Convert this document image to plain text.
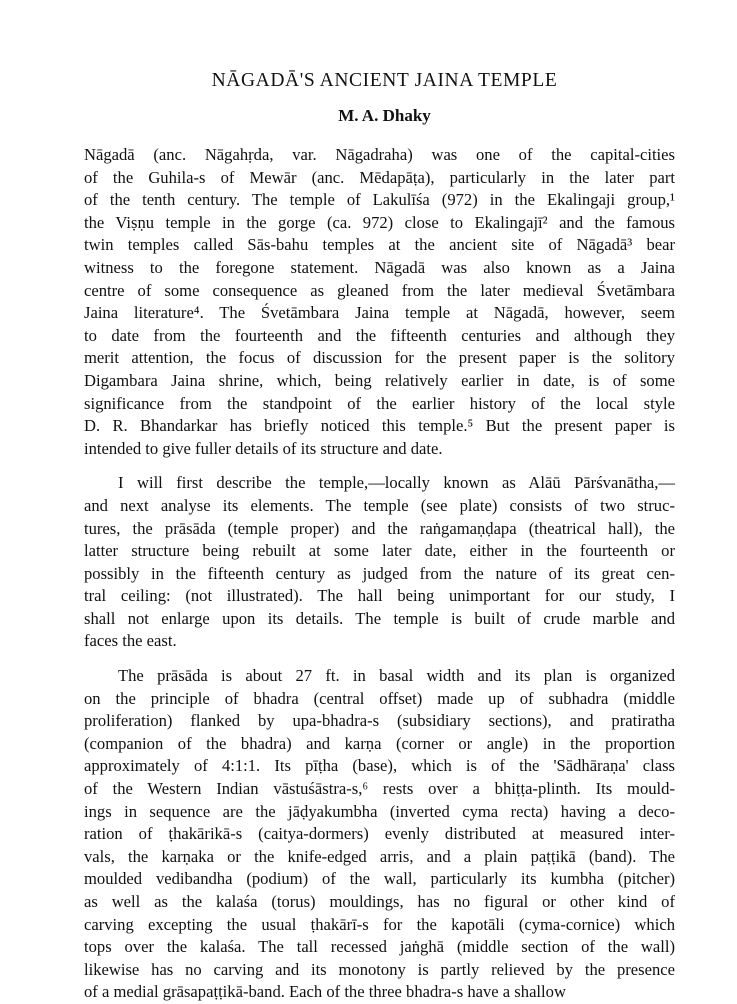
NĀGADĀ'S ANCIENT JAINA TEMPLE
M. A. Dhaky

Nāgadā (anc. Nāgahṛda, var. Nāgadraha) was one of the capital-cities
of the Guhila-s of Mewār (anc. Mēdapāṭa), particularly in the later part
of the tenth century. The temple of Lakulīśa (972) in the Ekalingaji group,¹
the Viṣṇu temple in the gorge (ca. 972) close to Ekalingajī² and the famous
twin temples called Sās-bahu temples at the ancient site of Nāgadā³ bear
witness to the foregone statement. Nāgadā was also known as a Jaina
centre of some consequence as gleaned from the later medieval Śvetāmbara
Jaina literature⁴. The Śvetāmbara Jaina temple at Nāgadā, however, seem
to date from the fourteenth and the fifteenth centuries and although they
merit attention, the focus of discussion for the present paper is the solitory
Digambara Jaina shrine, which, being relatively earlier in date, is of some
significance from the standpoint of the earlier history of the local style
D. R. Bhandarkar has briefly noticed this temple.⁵ But the present paper is
intended to give fuller details of its structure and date.

I will first describe the temple,—locally known as Alāū Pārśvanātha,—
and next analyse its elements. The temple (see plate) consists of two struc-
tures, the prāsāda (temple proper) and the raṅgamaṇḍapa (theatrical hall), the
latter structure being rebuilt at some later date, either in the fourteenth or
possibly in the fifteenth century as judged from the nature of its great cen-
tral ceiling: (not illustrated). The hall being unimportant for our study, I
shall not enlarge upon its details. The temple is built of crude marble and
faces the east.

The prāsāda is about 27 ft. in basal width and its plan is organized
on the principle of bhadra (central offset) made up of subhadra (middle
proliferation) flanked by upa-bhadra-s (subsidiary sections), and pratiratha
(companion of the bhadra) and karṇa (corner or angle) in the proportion
approximately of 4:1:1. Its pīṭha (base), which is of the 'Sādhāraṇa' class
of the Western Indian vāstuśāstra-s,⁶ rests over a bhiṭṭa-plinth. Its mould-
ings in sequence are the jāḍyakumbha (inverted cyma recta) having a deco-
ration of ṭhakārikā-s (caitya-dormers) evenly distributed at measured inter-
vals, the karṇaka or the knife-edged arris, and a plain paṭṭikā (band). The
moulded vedibandha (podium) of the wall, particularly its kumbha (pitcher)
as well as the kalaśa (torus) mouldings, has no figural or other kind of
carving excepting the usual ṭhakārī-s for the kapotāli (cyma-cornice) which
tops over the kalaśa. The tall recessed jaṅghā (middle section of the wall)
likewise has no carving and its monotony is partly relieved by the presence
of a medial grāsapaṭṭikā-band. Each of the three bhadra-s have a shallow
